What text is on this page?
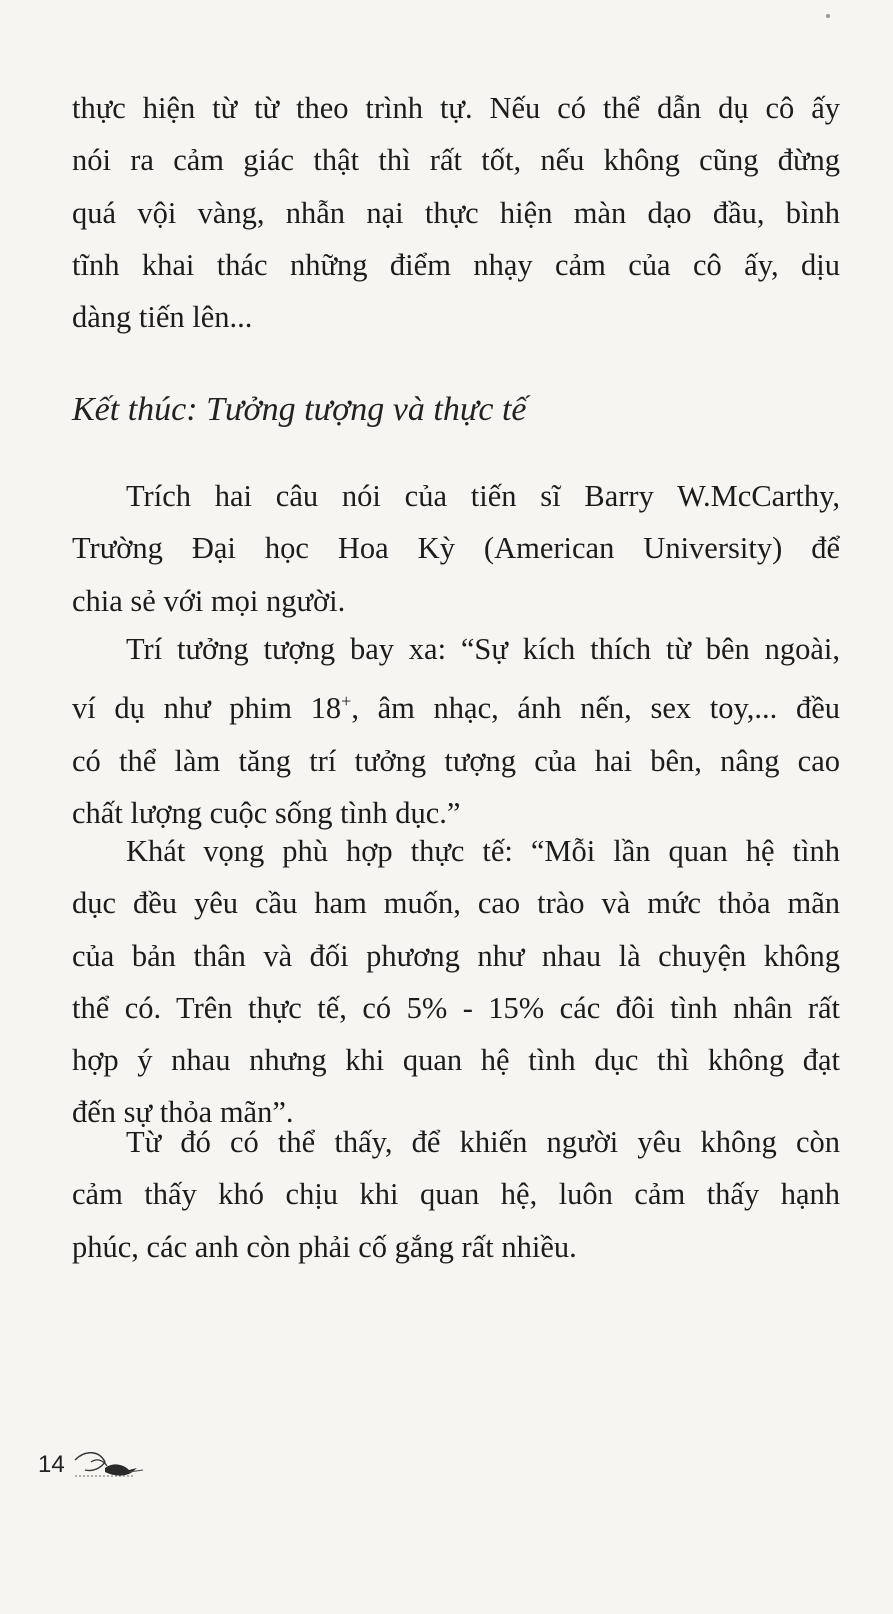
thực hiện từ từ theo trình tự. Nếu có thể dẫn dụ cô ấy
nói ra cảm giác thật thì rất tốt, nếu không cũng đừng
quá vội vàng, nhẫn nại thực hiện màn dạo đầu, bình
tĩnh khai thác những điểm nhạy cảm của cô ấy, dịu
dàng tiến lên...
Kết thúc: Tưởng tượng và thực tế
Trích hai câu nói của tiến sĩ Barry W.McCarthy,
Trường Đại học Hoa Kỳ (American University) để
chia sẻ với mọi người.
Trí tưởng tượng bay xa: “Sự kích thích từ bên ngoài,
ví dụ như phim 18+, âm nhạc, ánh nến, sex toy,... đều
có thể làm tăng trí tưởng tượng của hai bên, nâng cao
chất lượng cuộc sống tình dục.”
Khát vọng phù hợp thực tế: “Mỗi lần quan hệ tình
dục đều yêu cầu ham muốn, cao trào và mức thỏa mãn
của bản thân và đối phương như nhau là chuyện không
thể có. Trên thực tế, có 5% - 15% các đôi tình nhân rất
hợp ý nhau nhưng khi quan hệ tình dục thì không đạt
đến sự thỏa mãn”.
Từ đó có thể thấy, để khiến người yêu không còn
cảm thấy khó chịu khi quan hệ, luôn cảm thấy hạnh
phúc, các anh còn phải cố gắng rất nhiều.
14
